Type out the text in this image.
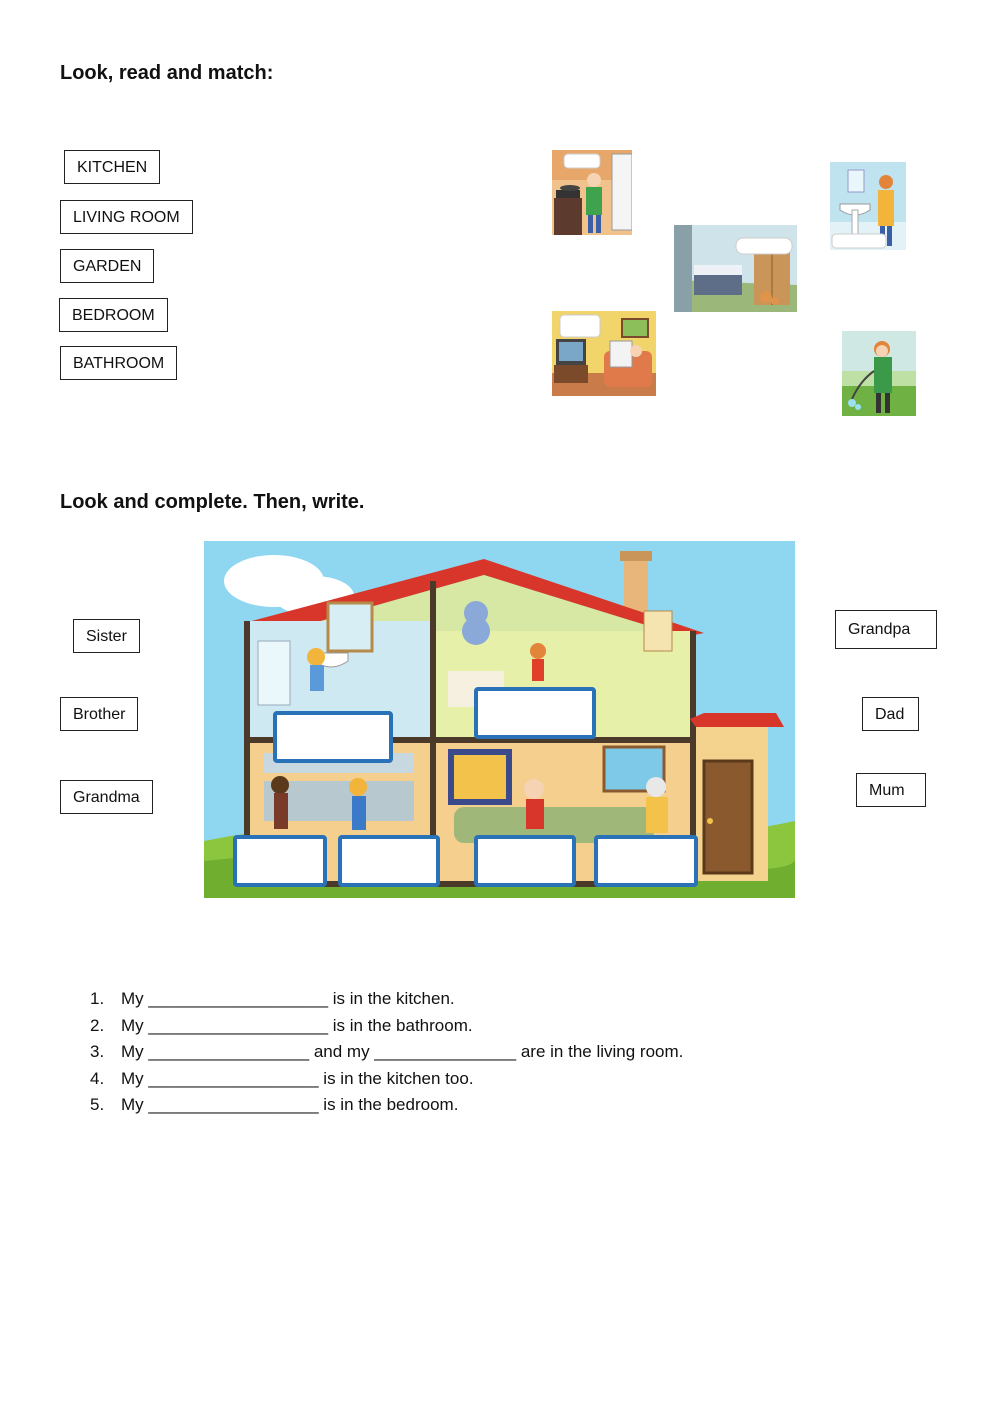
Look, read and match:
KITCHEN
LIVING ROOM
GARDEN
BEDROOM
BATHROOM
Look and complete. Then, write.
Sister
Brother
Grandma
Grandpa
Dad
Mum
1. My ___________________ is in the kitchen.
2. My ___________________ is in the bathroom.
3. My _________________ and my _______________ are in the living room.
4. My __________________ is in the kitchen too.
5. My __________________ is in the bedroom.
